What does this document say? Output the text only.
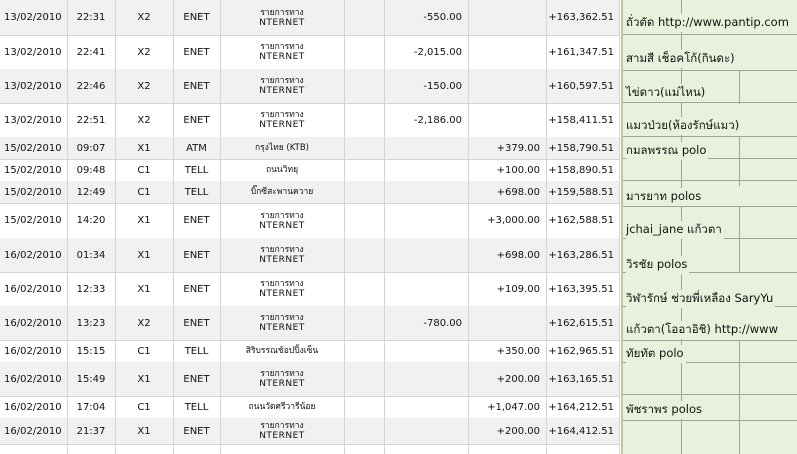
13/02/2010	22:31	X2	ENET	รายการทาง
NTERNET	-550.00	+163,362.51
13/02/2010	22:41	X2	ENET	รายการทาง
NTERNET	-2,015.00	+161,347.51
13/02/2010	22:46	X2	ENET	รายการทาง
NTERNET	-150.00	+160,597.51
13/02/2010	22:51	X2	ENET	รายการทาง
NTERNET	-2,186.00	+158,411.51
15/02/2010	09:07	X1	ATM	กรุงไทย (KTB)	+379.00 +158,790.51
15/02/2010	09:48	C1	TELL	ถนนวิทยุ	+100.00 +158,890.51
15/02/2010	12:49	C1	TELL	บิ๊กซีสะพานควาย	+698.00 +159,588.51
15/02/2010	14:20	X1	ENET	รายการทาง
NTERNET	+3,000.00 +162,588.51
16/02/2010	01:34	X1	ENET	รายการทาง
NTERNET	+698.00 +163,286.51
16/02/2010	12:33	X1	ENET	รายการทาง
NTERNET	+109.00 +163,395.51
16/02/2010	13:23	X2	ENET	รายการทาง
NTERNET	-780.00	+162,615.51
16/02/2010	15:15	C1	TELL	สิริบรรณช้อปปิ้งเซ็น	+350.00 +162,965.51
16/02/2010	15:49	X1	ENET	รายการทาง
NTERNET	+200.00 +163,165.51
16/02/2010	17:04	C1	TELL	ถนนวัดศรีวารีน้อย	+1,047.00 +164,212.51
16/02/2010	21:37	X1	ENET	รายการทาง
NTERNET	+200.00 +164,412.51
ถั่วตัด http://www.pantip.com
สามสี เช็อคโก้(กินดะ)
ไข่ดาว(แม่ไหน)
แมวป่วย(ห้องรักษ์แมว)
กมลพรรณ polo
มารยาท polos
jchai_jane แก้วตา
วิรชัย polos
วิฬารักษ์ ช่วยพี่เหลือง SaryYu
แก้วตา(โออาอิชิ) http://www
ทัยทัต polo
พัชราพร polos
